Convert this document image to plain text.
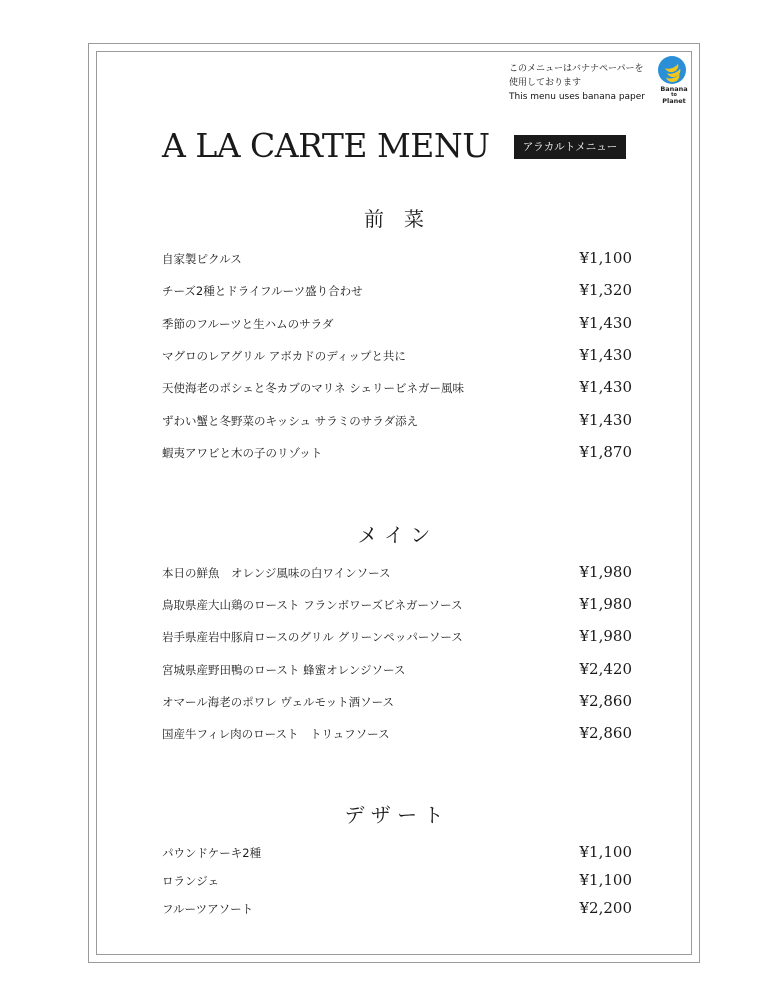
このメニューはバナナペーパーを
使用しております
This menu uses banana paper
Banana
to
Planet
A LA CARTE MENU	アラカルトメニュー
前　菜
自家製ピクルス	¥1,100
チーズ2種とドライフルーツ盛り合わせ	¥1,320
季節のフルーツと生ハムのサラダ	¥1,430
マグロのレアグリル アボカドのディップと共に	¥1,430
天使海老のポシェと冬カブのマリネ シェリービネガー風味	¥1,430
ずわい蟹と冬野菜のキッシュ サラミのサラダ添え	¥1,430
蝦夷アワビと木の子のリゾット	¥1,870
メ イ ン
本日の鮮魚　オレンジ風味の白ワインソース	¥1,980
鳥取県産大山鶏のロースト フランボワーズビネガーソース	¥1,980
岩手県産岩中豚肩ロースのグリル グリーンペッパーソース	¥1,980
宮城県産野田鴨のロースト 蜂蜜オレンジソース	¥2,420
オマール海老のポワレ ヴェルモット酒ソース	¥2,860
国産牛フィレ肉のロースト　トリュフソース	¥2,860
デ ザ ー ト
パウンドケーキ2種	¥1,100
ロランジェ	¥1,100
フルーツアソート	¥2,200
